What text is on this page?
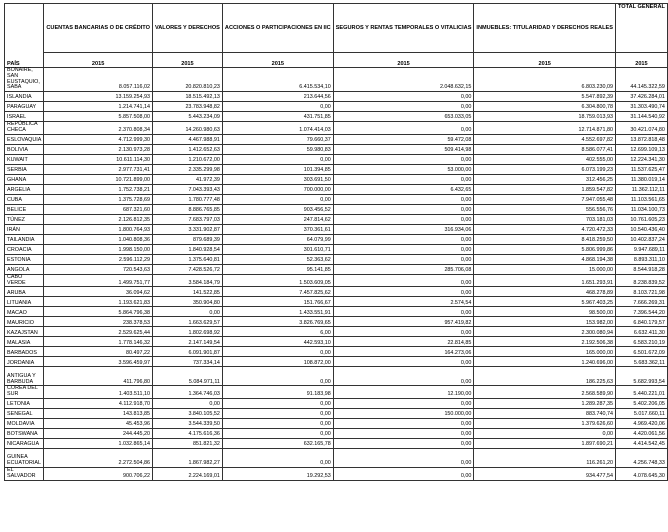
PAÍS	CUENTAS BANCARIAS O DE CRÉDITO	VALORES Y DERECHOS	ACCIONES O PARTICIPACIONES EN IIC	SEGUROS Y RENTAS TEMPORALES O VITALICIAS	INMUEBLES: TITULARIDAD Y DERECHOS REALES	TOTAL GENERAL
	2015	2015	2015	2015	2015	2015
BONAIRE, SAN EUSTAQUIO, SABA	8.057.116,02	20.820.810,23	6.415.534,10	2.048.632,15	6.803.230,09	44.145.322,59
ISLANDIA	13.159.254,93	18.515.492,13	213.644,56	0,00	5.547.892,39	37.426.284,01
PARAGUAY	1.214.741,14	23.783.948,82	0,00	0,00	6.304.800,78	31.303.490,74
ISRAEL	5.857.508,00	5.443.234,09	431.751,85	653.033,05	18.759.013,93	31.144.540,92
REPÚBLICA CHECA	2.370.808,34	14.260.980,63	1.074.414,03	0,00	12.714.871,80	30.421.074,80
ESLOVAQUIA	4.712.999,30	4.467.988,91	79.660,37	59.472,08	4.552.697,82	13.872.818,48
BOLIVIA	2.130.973,28	1.412.652,63	59.980,83	509.414,98	8.586.077,41	12.699.109,13
KUWAIT	10.611.114,30	1.210.672,00	0,00	0,00	402.555,00	12.224.341,30
SERBIA	2.977.731,41	2.335.299,98	101.394,85	53.000,00	6.073.199,23	11.537.625,47
GHANA	10.721.899,00	41.972,39	303.691,50	0,00	312.456,25	11.380.019,14
ARGELIA	1.752.738,21	7.043.393,43	700.000,00	6.432,65	1.859.547,82	11.362.112,11
CUBA	1.375.728,69	1.780.777,48	0,00	0,00	7.947.055,48	11.103.561,65
BELICE	687.321,60	8.886.765,85	903.456,52	0,00	556.556,76	11.034.100,73
TÚNEZ	2.126.812,35	7.683.797,03	247.814,62	0,00	703.181,03	10.761.605,23
IRÁN	1.800.764,93	3.331.902,87	370.361,61	316.934,06	4.720.472,33	10.540.436,40
TAILANDIA	1.040.808,36	879.689,39	64.079,99	0,00	8.418.259,50	10.402.837,24
CROACIA	1.998.150,00	1.840.928,54	301.610,71	0,00	5.806.999,86	9.947.689,11
ESTONIA	2.596.112,29	1.375.640,81	52.363,62	0,00	4.868.194,38	8.893.311,10
ANGOLA	720.543,63	7.428.526,72	95.141,85	285.706,08	15.000,00	8.544.918,28
CABO VERDE	1.499.751,77	3.584.184,79	1.503.609,05	0,00	1.651.293,91	8.238.839,52
ARUBA	36.094,62	141.522,85	7.457.825,62	0,00	468.278,89	8.103.721,98
LITUANIA	1.193.621,83	350.904,80	151.766,67	2.574,54	5.967.403,25	7.666.269,31
MACAO	5.864.796,38	0,00	1.433.551,91	0,00	98.500,00	7.396.544,20
MAURICIO	238.378,53	1.663.629,57	3.826.769,65	957.419,82	153.982,00	6.840.179,57
KAZAJSTAN	2.529.625,44	1.802.698,92	6,00	0,00	2.300.080,94	6.632.411,30
MALASIA	1.778.146,32	2.147.149,54	442.593,10	22.814,85	2.192.506,38	6.583.210,19
BARBADOS	80.497,22	6.091.901,87	0,00	164.273,06	165.000,00	6.501.672,09
JORDANIA	3.596.459,97	737.334,14	108.872,00	0,00	1.240.696,00	5.683.362,11
ANTIGUA Y BARBUDA	411.796,80	5.084.971,11	0,00	0,00	186.225,63	5.682.993,54
COREA DEL SUR	1.403.511,10	1.364.746,03	91.183,98	12.190,00	2.568.589,90	5.440.221,01
LETONIA	4.112.918,70	0,00	0,00	0,00	1.289.287,35	5.402.206,05
SENEGAL	143.813,85	3.840.105,52	0,00	150.000,00	883.740,74	5.017.660,11
MOLDAVIA	45.453,96	3.544.339,50	0,00	0,00	1.379.626,60	4.969.420,06
BOTSWANA	244.445,20	4.175.616,36	0,00	0,00	0,00	4.420.061,56
NICARAGUA	1.032.865,14	851.821,32	632.165,78	0,00	1.897.690,21	4.414.542,45
GUINEA ECUATORIAL	2.272.504,86	1.867.982,27	0,00	0,00	116.261,20	4.256.748,33
EL SALVADOR	900.706,22	2.224.169,01	19.292,53	0,00	934.477,54	4.078.645,30
